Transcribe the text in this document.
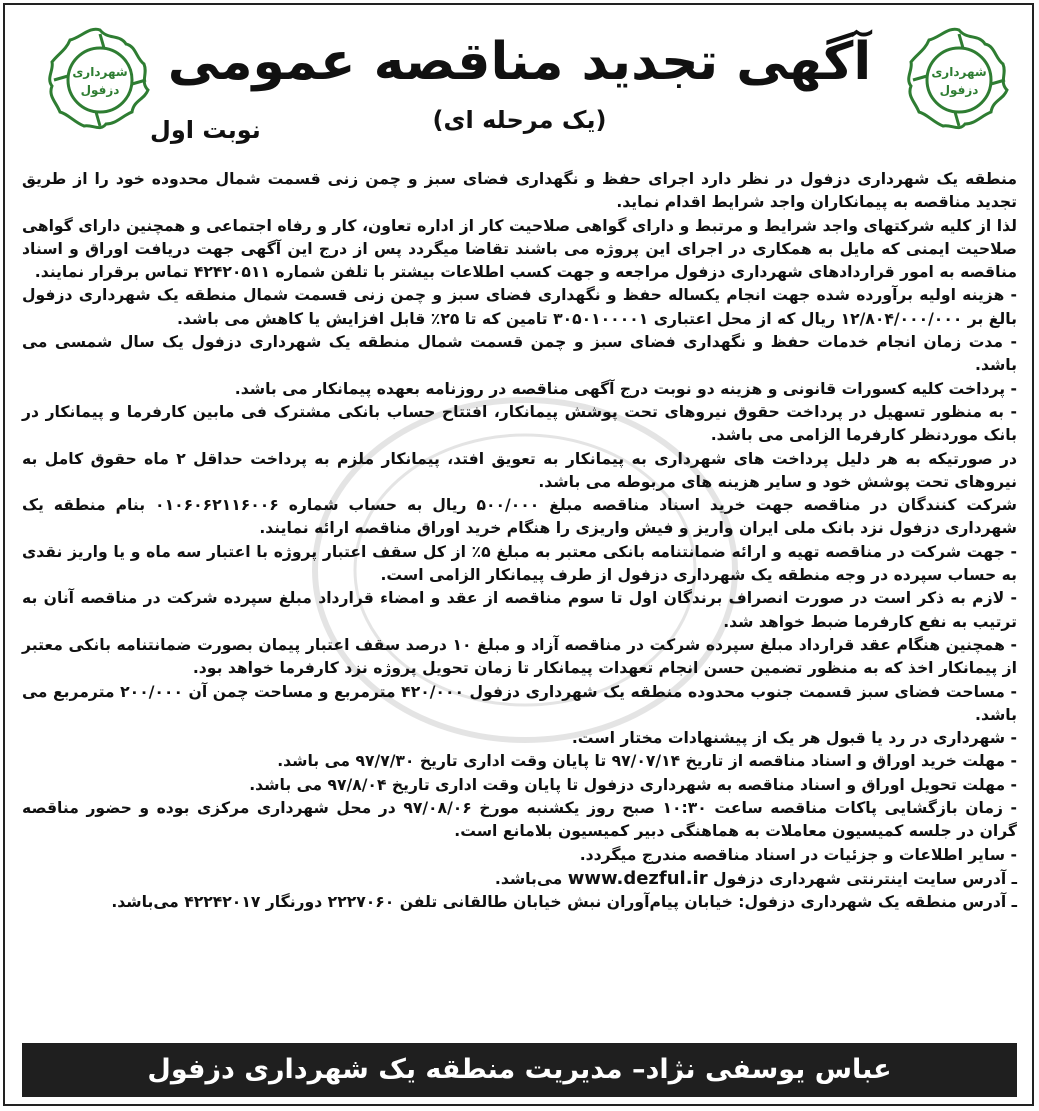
شهرداری
دزفول
شهرداری
دزفول آگهی تجدید مناقصه عمومی
(یک مرحله ای)
نوبت اول

منطقه یک شهرداری دزفول در نظر دارد اجرای حفظ و نگهداری فضای سبز و چمن زنی قسمت شمال محدوده خود را از طریق تجدید مناقصه به پیمانکاران واجد شرایط اقدام نماید.

لذا از کلیه شرکتهای واجد شرایط و مرتبط و دارای گواهی صلاحیت کار از اداره تعاون، کار و رفاه اجتماعی و همچنین دارای گواهی صلاحیت ایمنی که مایل به همکاری در اجرای این پروژه می باشند تقاضا میگردد پس از درج این آگهی جهت دریافت اوراق و اسناد مناقصه به امور قراردادهای شهرداری دزفول مراجعه و جهت کسب اطلاعات بیشتر با تلفن شماره ۴۲۴۲۰۵۱۱ تماس برقرار نمایند.

- هزینه اولیه برآورده شده جهت انجام یکساله حفظ و نگهداری فضای سبز و چمن زنی قسمت شمال منطقه یک شهرداری دزفول بالغ بر ۱۲/۸۰۴/۰۰۰/۰۰۰ ریال که از محل اعتباری ۳۰۵۰۱۰۰۰۰۱ تامین که تا ۲۵٪ قابل افزایش یا کاهش می باشد.

- مدت زمان انجام خدمات حفظ و نگهداری فضای سبز و چمن قسمت شمال منطقه یک شهرداری دزفول یک سال شمسی می باشد.

- پرداخت کلیه کسورات قانونی و هزینه دو نوبت درج آگهی مناقصه در روزنامه بعهده پیمانکار می باشد.

- به منظور تسهیل در پرداخت حقوق نیروهای تحت پوشش پیمانکار، افتتاح حساب بانکی مشترک فی مابین کارفرما و پیمانکار در بانک موردنظر کارفرما الزامی می باشد.

در صورتیکه به هر دلیل پرداخت های شهرداری به پیمانکار به تعویق افتد، پیمانکار ملزم به پرداخت حداقل ۲ ماه حقوق کامل به نیروهای تحت پوشش خود و سایر هزینه های مربوطه می باشد.

شرکت کنندگان در مناقصه جهت خرید اسناد مناقصه مبلغ ۵۰۰/۰۰۰ ریال به حساب شماره ۰۱۰۶۰۶۲۱۱۶۰۰۶ بنام منطقه یک شهرداری دزفول نزد بانک ملی ایران واریز و فیش واریزی را هنگام خرید اوراق مناقصه ارائه نمایند.

- جهت شرکت در مناقصه تهیه و ارائه ضمانتنامه بانکی معتبر به مبلغ ۵٪ از کل سقف اعتبار پروژه با اعتبار سه ماه و یا واریز نقدی به حساب سپرده در وجه منطقه یک شهرداری دزفول از طرف پیمانکار الزامی است.

- لازم به ذکر است در صورت انصراف برندگان اول تا سوم مناقصه از عقد و امضاء قرارداد مبلغ سپرده شرکت در مناقصه آنان به ترتیب به نفع کارفرما ضبط خواهد شد.

- همچنین هنگام عقد قرارداد مبلغ سپرده شرکت در مناقصه آزاد و مبلغ ۱۰ درصد سقف اعتبار پیمان بصورت ضمانتنامه بانکی معتبر از پیمانکار اخذ که به منظور تضمین حسن انجام تعهدات پیمانکار تا زمان تحویل پروژه نزد کارفرما خواهد بود.

- مساحت فضای سبز قسمت جنوب محدوده منطقه یک شهرداری دزفول ۴۲۰/۰۰۰ مترمربع و مساحت چمن آن ۲۰۰/۰۰۰ مترمربع می باشد.

- شهرداری در رد یا قبول هر یک از پیشنهادات مختار است.

- مهلت خرید اوراق و اسناد مناقصه از تاریخ ۹۷/۰۷/۱۴ تا پایان وقت اداری تاریخ ۹۷/۷/۳۰ می باشد.

- مهلت تحویل اوراق و اسناد مناقصه به شهرداری دزفول تا پایان وقت اداری تاریخ ۹۷/۸/۰۴ می باشد.

- زمان بازگشایی پاکات مناقصه ساعت ۱۰:۳۰ صبح روز یکشنبه مورخ ۹۷/۰۸/۰۶ در محل شهرداری مرکزی بوده و حضور مناقصه گران در جلسه کمیسیون معاملات به هماهنگی دبیر کمیسیون بلامانع است.

- سایر اطلاعات و جزئیات در اسناد مناقصه مندرج میگردد.

ـ آدرس سایت اینترنتی شهرداری دزفول www.dezful.ir می‌باشد.

ـ آدرس منطقه یک شهرداری دزفول: خیابان پیام‌آوران نبش خیابان طالقانی تلفن ۲۲۲۷۰۶۰ دورنگار ۴۲۲۴۲۰۱۷ می‌باشد.

عباس یوسفی نژاد– مدیریت منطقه یک شهرداری دزفول
